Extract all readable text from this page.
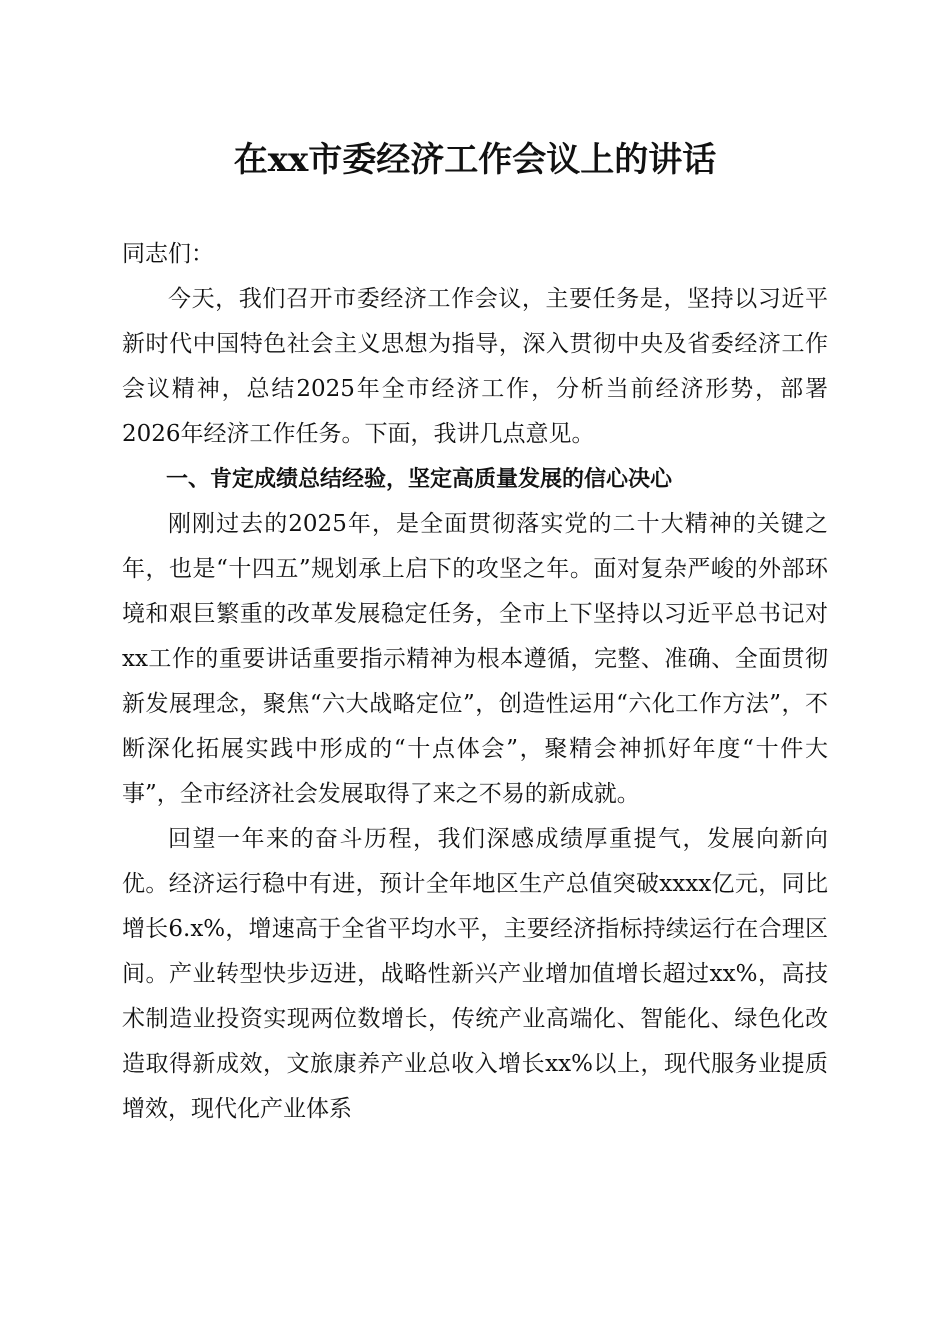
在xx市委经济工作会议上的讲话

同志们：

今天，我们召开市委经济工作会议，主要任务是，坚持以习近平新时代中国特色社会主义思想为指导，深入贯彻中央及省委经济工作会议精神，总结2025年全市经济工作，分析当前经济形势，部署2026年经济工作任务。下面，我讲几点意见。

一、肯定成绩总结经验，坚定高质量发展的信心决心

刚刚过去的2025年，是全面贯彻落实党的二十大精神的关键之年，也是“十四五”规划承上启下的攻坚之年。面对复杂严峻的外部环境和艰巨繁重的改革发展稳定任务，全市上下坚持以习近平总书记对xx工作的重要讲话重要指示精神为根本遵循，完整、准确、全面贯彻新发展理念，聚焦“六大战略定位”，创造性运用“六化工作方法”，不断深化拓展实践中形成的“十点体会”，聚精会神抓好年度“十件大事”，全市经济社会发展取得了来之不易的新成就。

回望一年来的奋斗历程，我们深感成绩厚重提气，发展向新向优。经济运行稳中有进，预计全年地区生产总值突破xxxx亿元，同比增长6.x%，增速高于全省平均水平，主要经济指标持续运行在合理区间。产业转型快步迈进，战略性新兴产业增加值增长超过xx%，高技术制造业投资实现两位数增长，传统产业高端化、智能化、绿色化改造取得新成效，文旅康养产业总收入增长xx%以上，现代服务业提质增效，现代化产业体系
